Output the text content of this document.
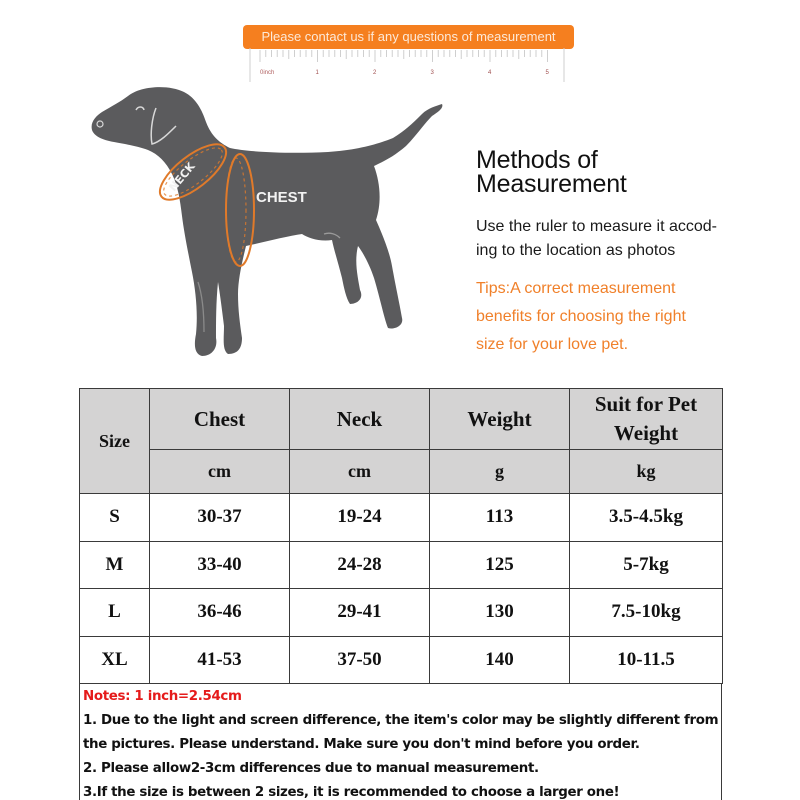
Please contact us if any questions of measurement
0inch	1	2	3	4	5
NECK
CHEST
Methods of
Measurement
Use the ruler to measure it accod-
ing to the location as photos
Tips:A correct measurement
benefits for choosing the right
size for your love pet.
Size	Chest	Neck	Weight	Suit for Pet
Weight
	cm	cm	g	kg
S	30-37	19-24	113	3.5-4.5kg
M	33-40	24-28	125	5-7kg
L	36-46	29-41	130	7.5-10kg
XL	41-53	37-50	140	10-11.5
Notes: 1 inch=2.54cm
1. Due to the light and screen difference, the item's color may be slightly different from
the pictures. Please understand. Make sure you don't mind before you order.
2. Please allow2-3cm differences due to manual measurement.
3.If the size is between 2 sizes, it is recommended to choose a larger one!
